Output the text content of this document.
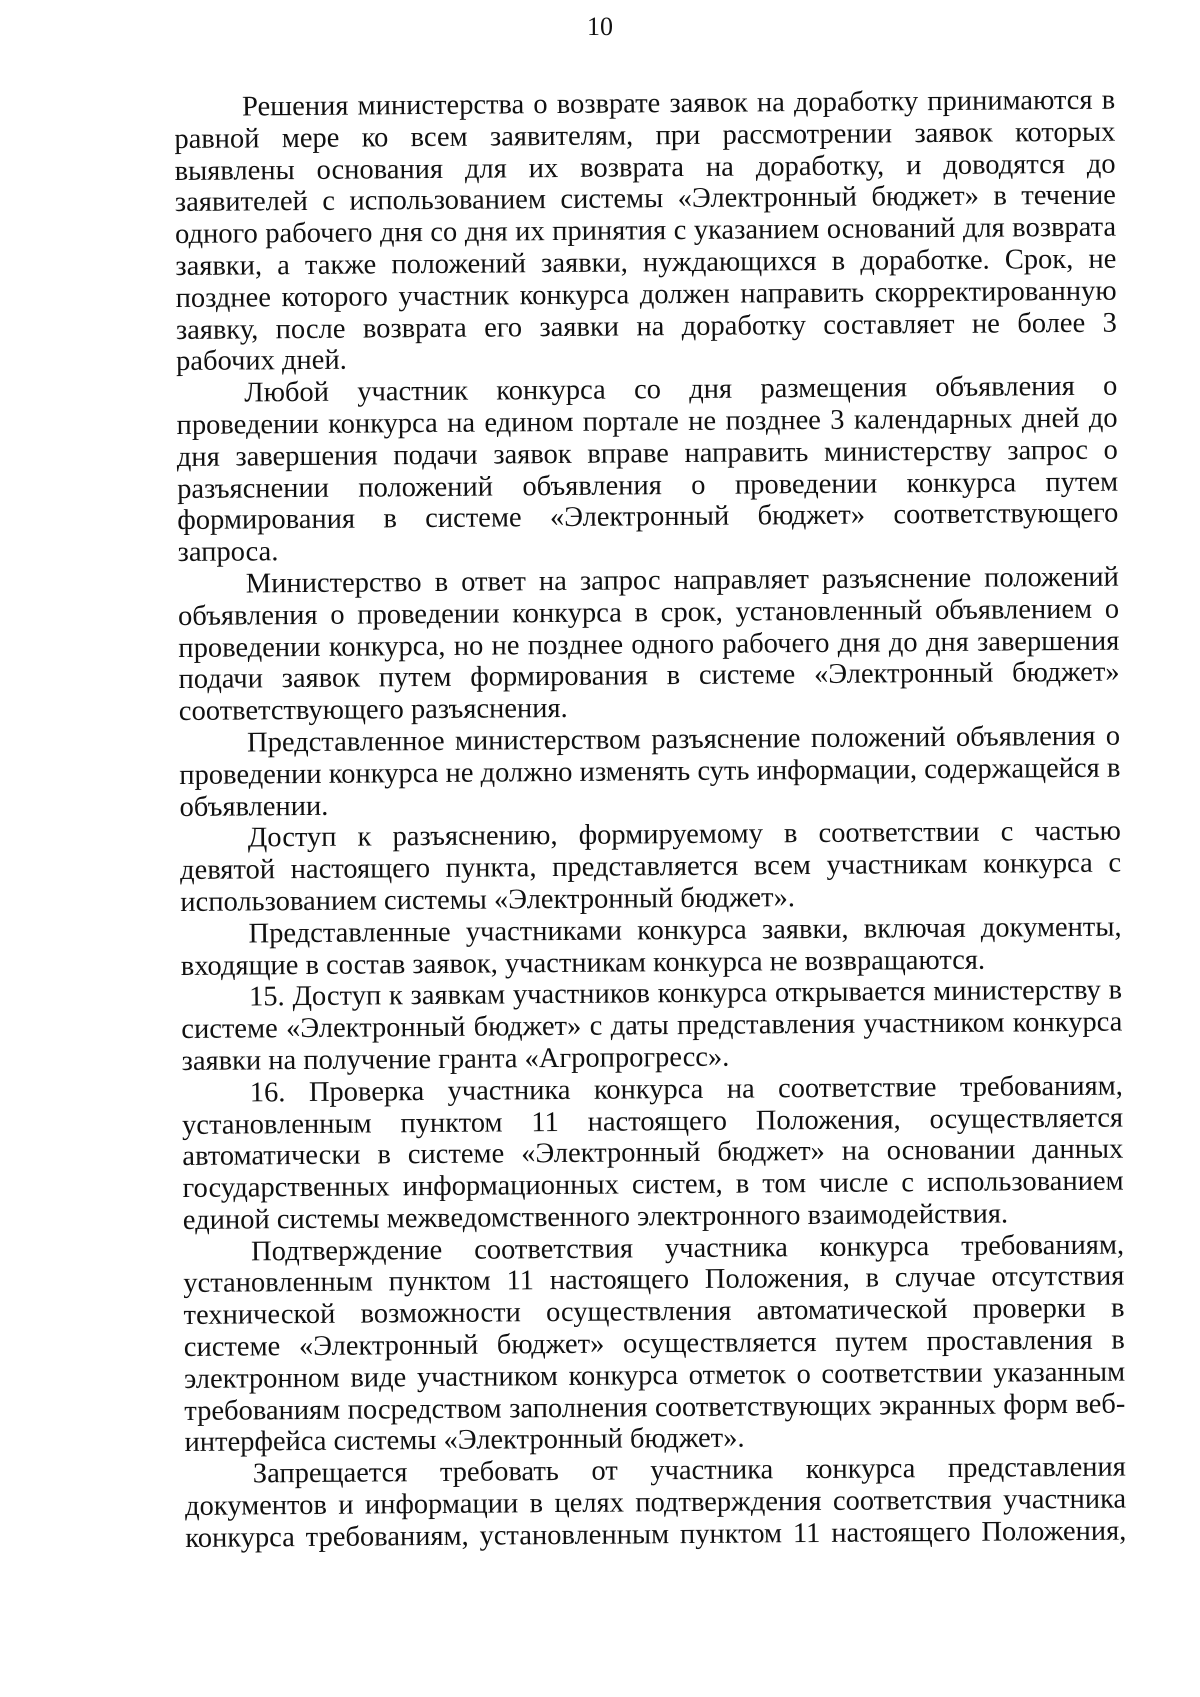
10

Решения министерства о возврате заявок на доработку принимаются в равной мере ко всем заявителям, при рассмотрении заявок которых выявлены основания для их возврата на доработку, и доводятся до заявителей с использованием системы «Электронный бюджет» в течение одного рабочего дня со дня их принятия с указанием оснований для возврата заявки, а также положений заявки, нуждающихся в доработке. Срок, не позднее которого участник конкурса должен направить скорректированную заявку, после возврата его заявки на доработку составляет не более 3 рабочих дней.

Любой участник конкурса со дня размещения объявления о проведении конкурса на едином портале не позднее 3 календарных дней до дня завершения подачи заявок вправе направить министерству запрос о разъяснении положений объявления о проведении конкурса путем формирования в системе «Электронный бюджет» соответствующего запроса.

Министерство в ответ на запрос направляет разъяснение положений объявления о проведении конкурса в срок, установленный объявлением о проведении конкурса, но не позднее одного рабочего дня до дня завершения подачи заявок путем формирования в системе «Электронный бюджет» соответствующего разъяснения.

Представленное министерством разъяснение положений объявления о проведении конкурса не должно изменять суть информации, содержащейся в объявлении.

Доступ к разъяснению, формируемому в соответствии с частью девятой настоящего пункта, представляется всем участникам конкурса с использованием системы «Электронный бюджет».

Представленные участниками конкурса заявки, включая документы, входящие в состав заявок, участникам конкурса не возвращаются.

15. Доступ к заявкам участников конкурса открывается министерству в системе «Электронный бюджет» с даты представления участником конкурса заявки на получение гранта «Агропрогресс».

16. Проверка участника конкурса на соответствие требованиям, установленным пунктом 11 настоящего Положения, осуществляется автоматически в системе «Электронный бюджет» на основании данных государственных информационных систем, в том числе с использованием единой системы межведомственного электронного взаимодействия.

Подтверждение соответствия участника конкурса требованиям, установленным пунктом 11 настоящего Положения, в случае отсутствия технической возможности осуществления автоматической проверки в системе «Электронный бюджет» осуществляется путем проставления в электронном виде участником конкурса отметок о соответствии указанным требованиям посредством заполнения соответствующих экранных форм веб-интерфейса системы «Электронный бюджет».

Запрещается требовать от участника конкурса представления документов и информации в целях подтверждения соответствия участника конкурса требованиям, установленным пунктом 11 настоящего Положения,
